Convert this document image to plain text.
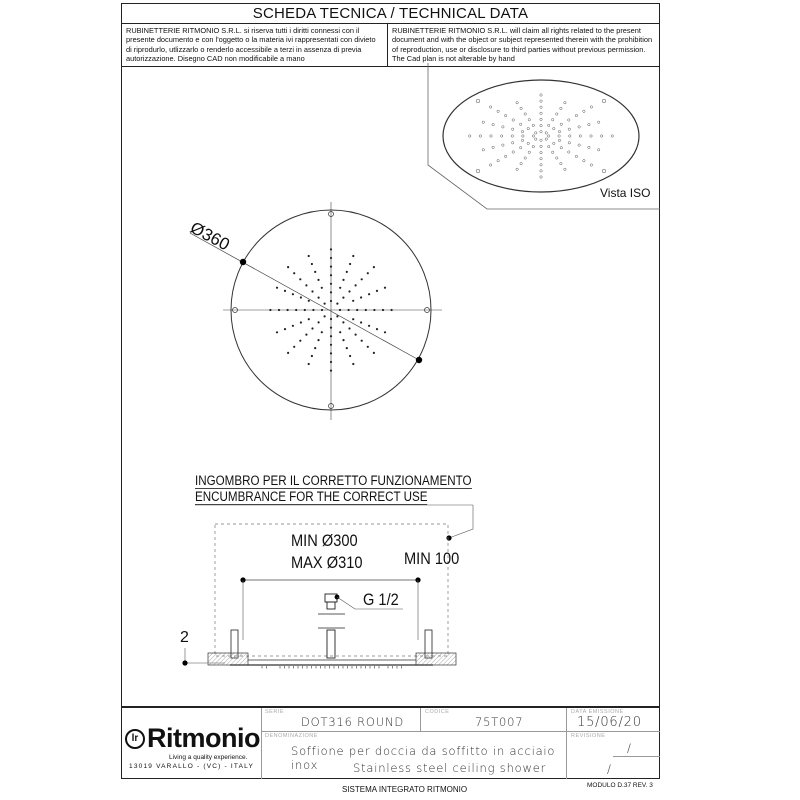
SCHEDA TECNICA / TECHNICAL DATA
RUBINETTERIE RITMONIO S.R.L. si riserva tutti i diritti connessi con il presente documento e con l'oggetto o la materia ivi rappresentati con divieto di riprodurlo, utlizzarlo o renderlo accessibile a terzi in assenza di previa autorizzazione. Disegno CAD non modificabile a mano
RUBINETTERIE RITMONIO S.R.L. will claim all rights related to the present document and with the object or subject represented therein with the prohibition of reproduction, use or disclosure to third parties without previous permission. The Cad plan is not alterable by hand
Vista ISO
Ø360
INGOMBRO PER IL CORRETTO FUNZIONAMENTO
ENCUMBRANCE FOR THE CORRECT USE
MIN Ø300
MAX Ø310 MIN 100
G 1/2
2
lr Ritmonio
Living a quality experience.
13019 VARALLO - (VC) - ITALY
SERIE
DOT316 ROUND
CODICE
75T007
DATA EMISSIONE
15/06/20
DENOMINAZIONE
Soffione per doccia da soffitto in acciaio inox	Stainless steel ceiling shower
REVISIONE
/
/
SISTEMA INTEGRATO RITMONIO	MODULO D.37 REV. 3
